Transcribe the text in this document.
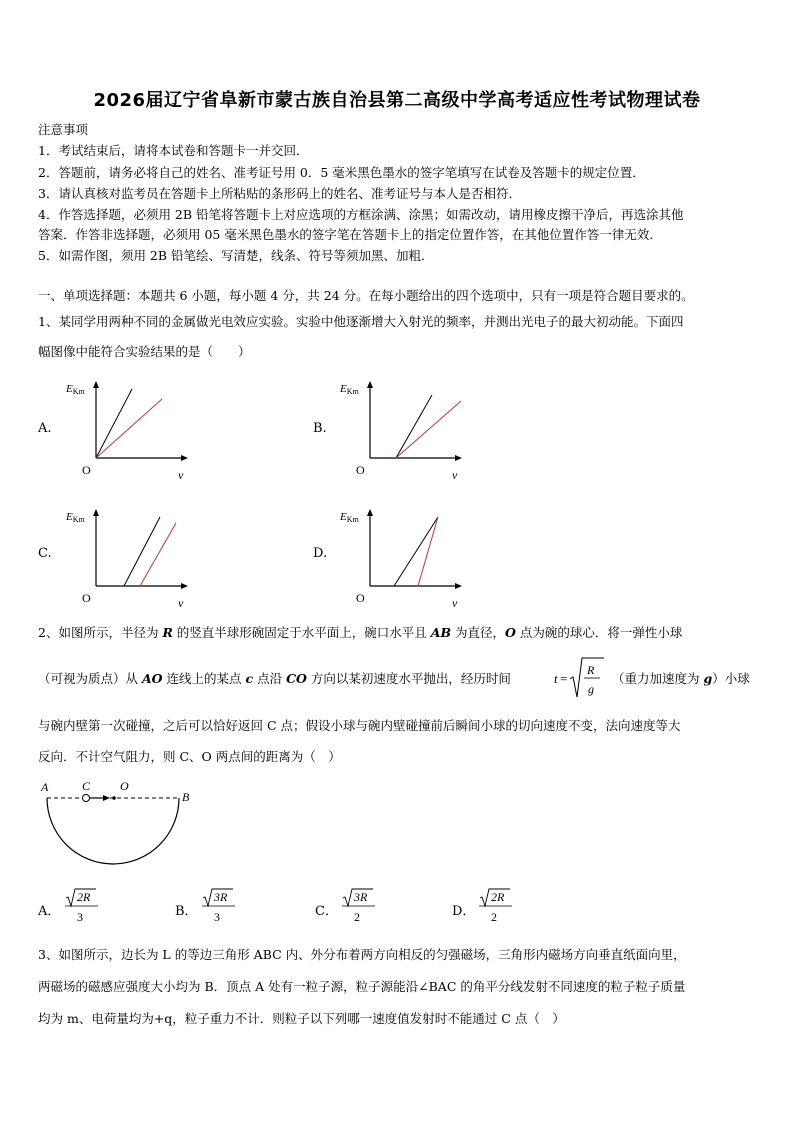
2026届辽宁省阜新市蒙古族自治县第二高级中学高考适应性考试物理试卷
注意事项
1．考试结束后，请将本试卷和答题卡一并交回．
2．答题前，请务必将自己的姓名、准考证号用 0．5 毫米黑色墨水的签字笔填写在试卷及答题卡的规定位置．
3．请认真核对监考员在答题卡上所粘贴的条形码上的姓名、准考证号与本人是否相符．
4．作答选择题，必须用 2B 铅笔将答题卡上对应选项的方框涂满、涂黑；如需改动，请用橡皮擦干净后，再选涂其他
答案．作答非选择题，必须用 05 毫米黑色墨水的签字笔在答题卡上的指定位置作答，在其他位置作答一律无效．
5．如需作图，须用 2B 铅笔绘、写清楚，线条、符号等须加黑、加粗．
一、单项选择题：本题共 6 小题，每小题 4 分，共 24 分。在每小题给出的四个选项中，只有一项是符合题目要求的。
1、某同学用两种不同的金属做光电效应实验。实验中他逐渐增大入射光的频率，并测出光电子的最大初动能。下面四
幅图像中能符合实验结果的是（　　）
A.
EKm
O	ν
B.
EKm
O	ν
C.
EKm
O	ν
D.
EKm
O	ν
2、如图所示，半径为 R 的竖直半球形碗固定于水平面上，碗口水平且 AB 为直径，O 点为碗的球心．将一弹性小球
（可视为质点）从 AO 连线上的某点 c 点沿 CO 方向以某初速度水平抛出，经历时间	t =
R
g
（重力加速度为 g）小球
与碗内壁第一次碰撞，之后可以恰好返回 C 点；假设小球与碗内壁碰撞前后瞬间小球的切向速度不变，法向速度等大
反向．不计空气阻力，则 C、O 两点间的距离为（　）
A	C O
B
A．
2R
3	B．
3R
3	C．
3R
2	D．
2R
2
3、如图所示，边长为 L 的等边三角形 ABC 内、外分布着两方向相反的匀强磁场，三角形内磁场方向垂直纸面向里，
两磁场的磁感应强度大小均为 B．顶点 A 处有一粒子源，粒子源能沿∠BAC 的角平分线发射不同速度的粒子粒子质量
均为 m、电荷量均为+q，粒子重力不计．则粒子以下列哪一速度值发射时不能通过 C 点（　）
